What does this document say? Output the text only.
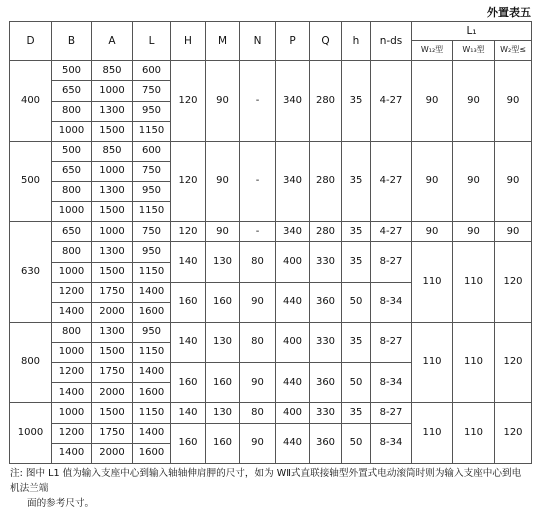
外置表五
D	B	A	L	H	M	N	P	Q	h	n-ds	L₁		
											W₁₂型	W₁₃型	W₂型≤
400	500	850	600	120	90	-	340	280	35	4-27	90	90	90
	650	1000	750										
	800	1300	950										
	1000	1500	1150										
500	500	850	600	120	90	-	340	280	35	4-27	90	90	90
	650	1000	750										
	800	1300	950										
	1000	1500	1150										
630	650	1000	750	120	90	-	340	280	35	4-27	90	90	90
	800	1300	950	140	130	80	400	330	35	8-27	110	110	120
	1000	1500	1150										
	1200	1750	1400	160	160	90	440	360	50	8-34			
	1400	2000	1600										
800	800	1300	950	140	130	80	400	330	35	8-27	110	110	120
	1000	1500	1150										
	1200	1750	1400	160	160	90	440	360	50	8-34			
	1400	2000	1600										
1000	1000	1500	1150	140	130	80	400	330	35	8-27	110	110	120
	1200	1750	1400	160	160	90	440	360	50	8-34			
	1400	2000	1600										
注: 图中 L1 值为输入支座中心到输入轴轴伸肩胛的尺寸，如为 WⅡ式直联接轴型外置式电动滚筒时则为输入支座中心到电机法兰端
面的参考尺寸。
